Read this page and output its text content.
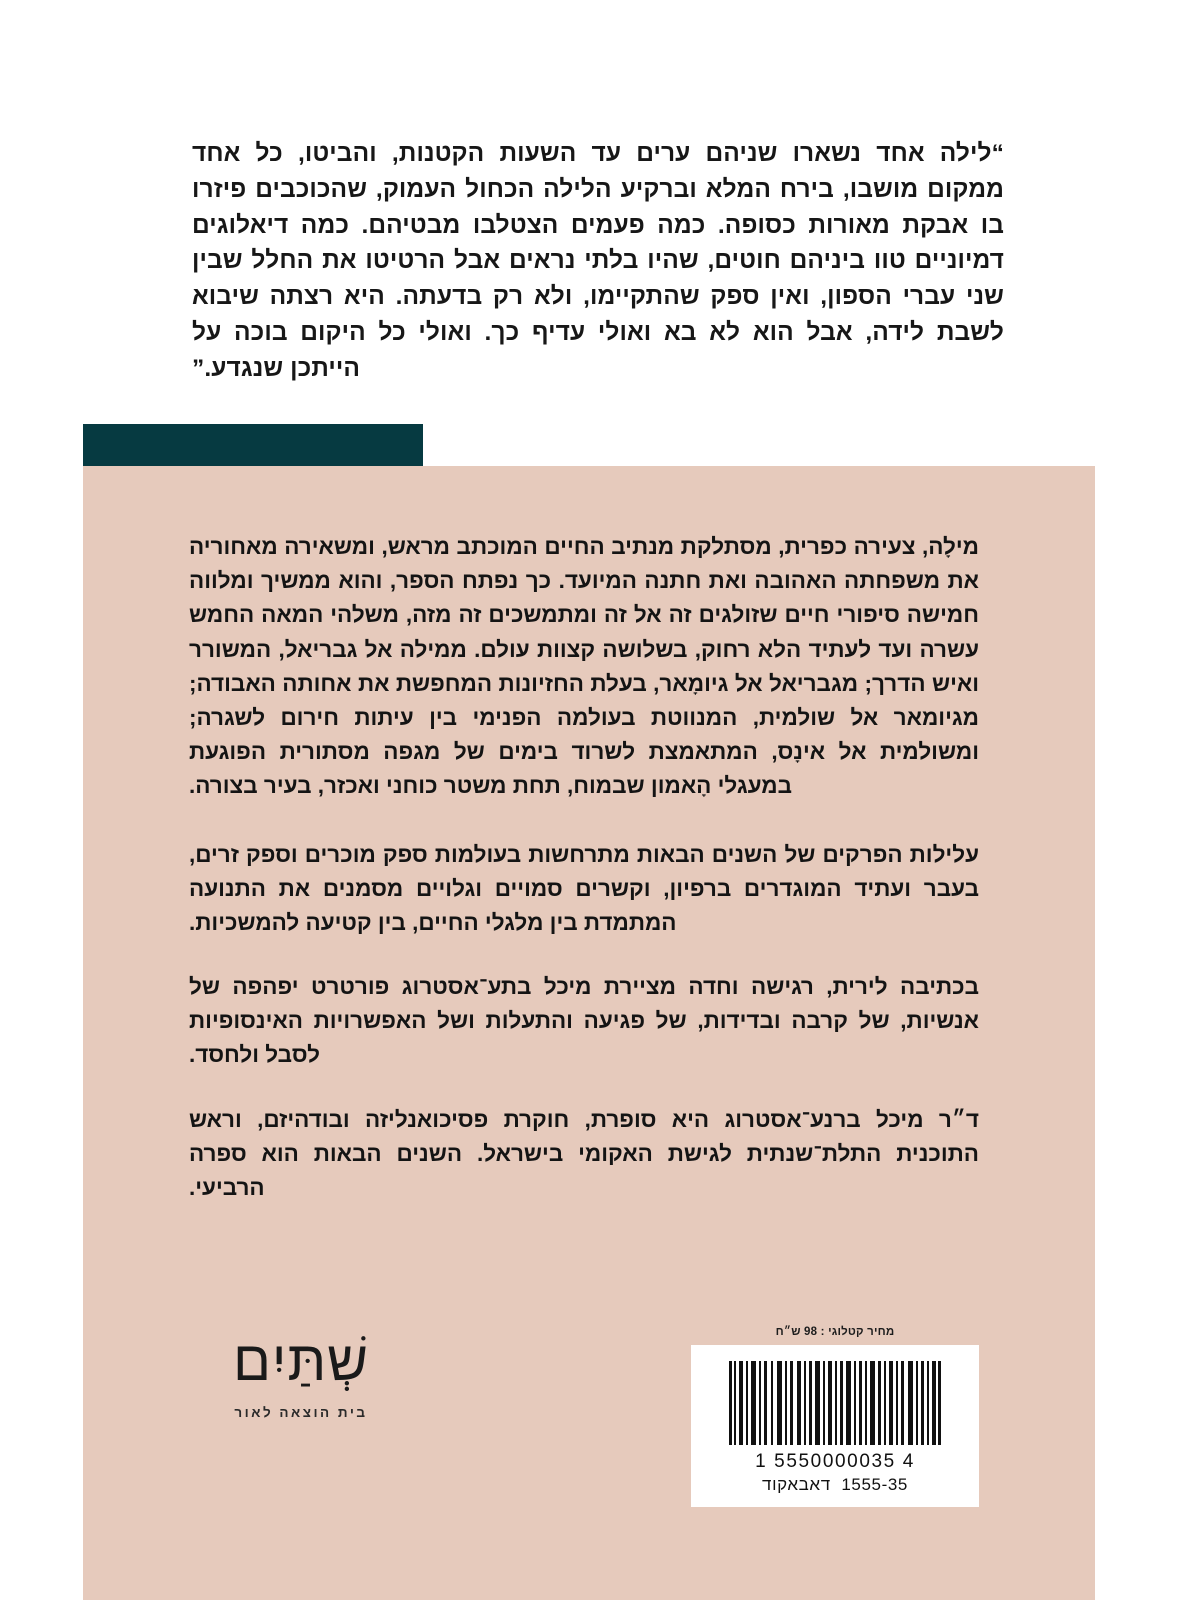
“לילה אחד נשארו שניהם ערים עד השעות הקטנות, והביטו, כל אחד ממקום מושבו, בירח המלא וברקיע הלילה הכחול העמוק, שהכוכבים פיזרו בו אבקת מאורות כסופה. כמה פעמים הצטלבו מבטיהם. כמה דיאלוגים דמיוניים טוו ביניהם חוטים, שהיו בלתי נראים אבל הרטיטו את החלל שבין שני עברי הספון, ואין ספק שהתקיימו, ולא רק בדעתה. היא רצתה שיבוא לשבת לידה, אבל הוא לא בא ואולי עדיף כך. ואולי כל היקום בוכה על הייתכן שנגדע.”

מילָה, צעירה כפרית, מסתלקת מנתיב החיים המוכתב מראש, ומשאירה מאחוריה את משפחתה האהובה ואת חתנה המיועד. כך נפתח הספר, והוא ממשיך ומלווה חמישה סיפורי חיים שזולגים זה אל זה ומתמשכים זה מזה, משלהי המאה החמש עשרה ועד לעתיד הלא רחוק, בשלושה קצוות עולם. ממילה אל גבריאל, המשורר ואיש הדרך; מגבריאל אל גיומָאר, בעלת החזיונות המחפשת את אחותה האבודה; מגיומאר אל שולמית, המנווטת בעולמה הפנימי בין עיתות חירום לשגרה; ומשולמית אל אינָס, המתאמצת לשרוד בימים של מגפה מסתורית הפוגעת במעגלי הָאמון שבמוח, תחת משטר כוחני ואכזר, בעיר בצורה.

עלילות הפרקים של השנים הבאות מתרחשות בעולמות ספק מוכרים וספק זרים, בעבר ועתיד המוגדרים ברפיון, וקשרים סמויים וגלויים מסמנים את התנועה המתמדת בין מלגלי החיים, בין קטיעה להמשכיות.

בכתיבה לירית, רגישה וחדה מציירת מיכל בתע־אסטרוג פורטרט יפהפה של אנשיות, של קרבה ובדידות, של פגיעה והתעלות ושל האפשרויות האינסופיות לסבל ולחסד.

ד״ר מיכל ברנע־אסטרוג היא סופרת, חוקרת פסיכואנליזה ובודהיזם, וראש התוכנית התלת־שנתית לגישת האקומי בישראל. השנים הבאות הוא ספרה הרביעי.

מחיר קטלוגי : 98 ש״ח
1 5550000035 4
1555-35  דאבאקוד
שְׁתַּיִם
בית הוצאה לאור
